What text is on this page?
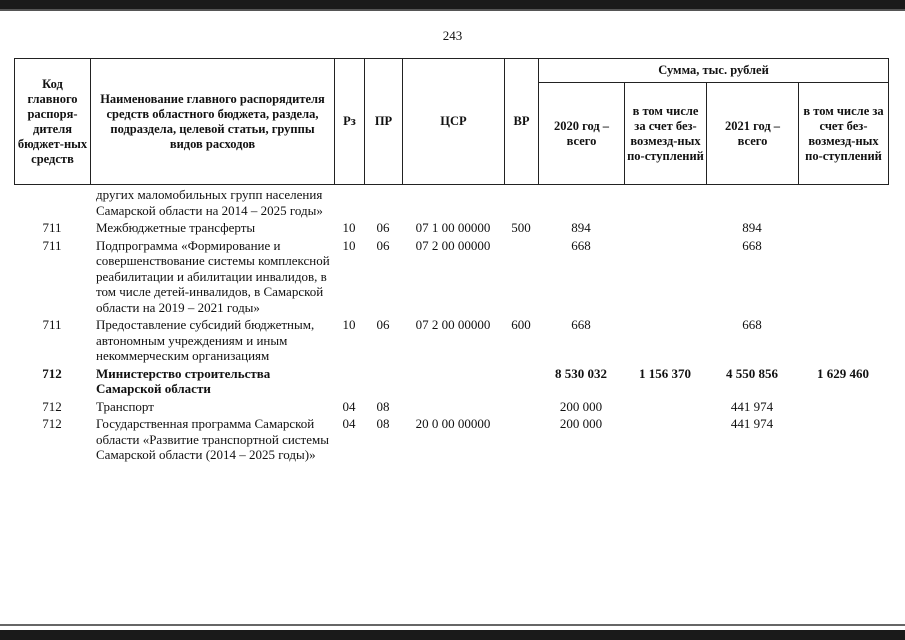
243
Код главного распоря-дителя бюджет-ных средств	Наименование главного распорядителя средств областного бюджета, раздела, подраздела, целевой статьи, группы видов расходов	Рз	ПР	ЦСР	ВР	Сумма, тыс. рублей			
						2020 год – всего	в том числе за счет без-возмезд-ных по-ступлений	2021 год – всего	в том числе за счет без-возмезд-ных по-ступлений
	других маломобильных групп населения Самарской области на 2014 – 2025 годы»								
711	Межбюджетные трансферты	10	06	07 1 00 00000	500	894		894	
711	Подпрограмма «Формирование и совершенствование системы комплексной реабилитации и абилитации инвалидов, в том числе детей-инвалидов, в Самарской области на 2019 – 2021 годы»	10	06	07 2 00 00000		668		668	
711	Предоставление субсидий бюджетным, автономным учреждениям и иным некоммерческим организациям	10	06	07 2 00 00000	600	668		668	
712	Министерство строительства Самарской области					8 530 032	1 156 370	4 550 856	1 629 460
712	Транспорт	04	08			200 000		441 974	
712	Государственная программа Самарской области «Развитие транспортной системы Самарской области (2014 – 2025 годы)»	04	08	20 0 00 00000		200 000		441 974	
